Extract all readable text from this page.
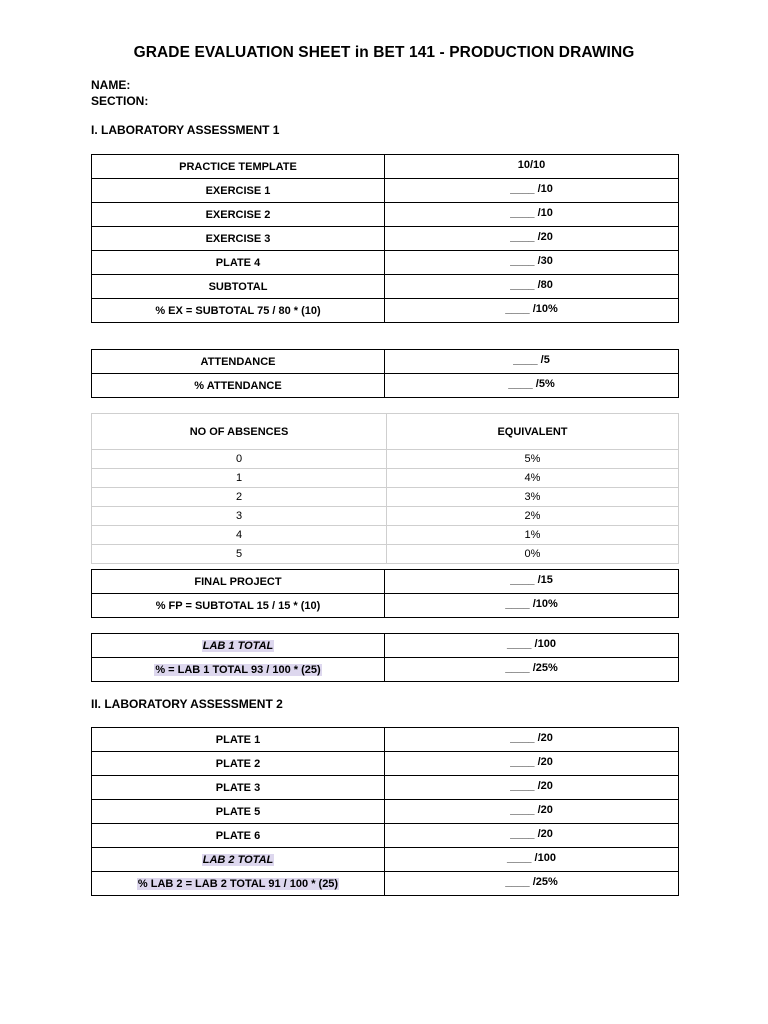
GRADE EVALUATION SHEET in BET 141 - PRODUCTION DRAWING
NAME:
SECTION:
I. LABORATORY ASSESSMENT 1
PRACTICE TEMPLATE	10/10
EXERCISE 1	____ /10
EXERCISE 2	____ /10
EXERCISE 3	____ /20
PLATE 4	____ /30
SUBTOTAL	____ /80
% EX = SUBTOTAL 75 / 80 * (10)	____ /10%
ATTENDANCE	____ /5
% ATTENDANCE	____ /5%
NO OF ABSENCES	EQUIVALENT
0	5%
1	4%
2	3%
3	2%
4	1%
5	0%
FINAL PROJECT	____ /15
% FP = SUBTOTAL 15 / 15 * (10)	____ /10%
LAB 1 TOTAL	____ /100
% = LAB 1 TOTAL 93 / 100 * (25)	____ /25%
II. LABORATORY ASSESSMENT 2
PLATE 1	____ /20
PLATE 2	____ /20
PLATE 3	____ /20
PLATE 5	____ /20
PLATE 6	____ /20
LAB 2 TOTAL	____ /100
% LAB 2 = LAB 2 TOTAL 91 / 100 * (25)	____ /25%
